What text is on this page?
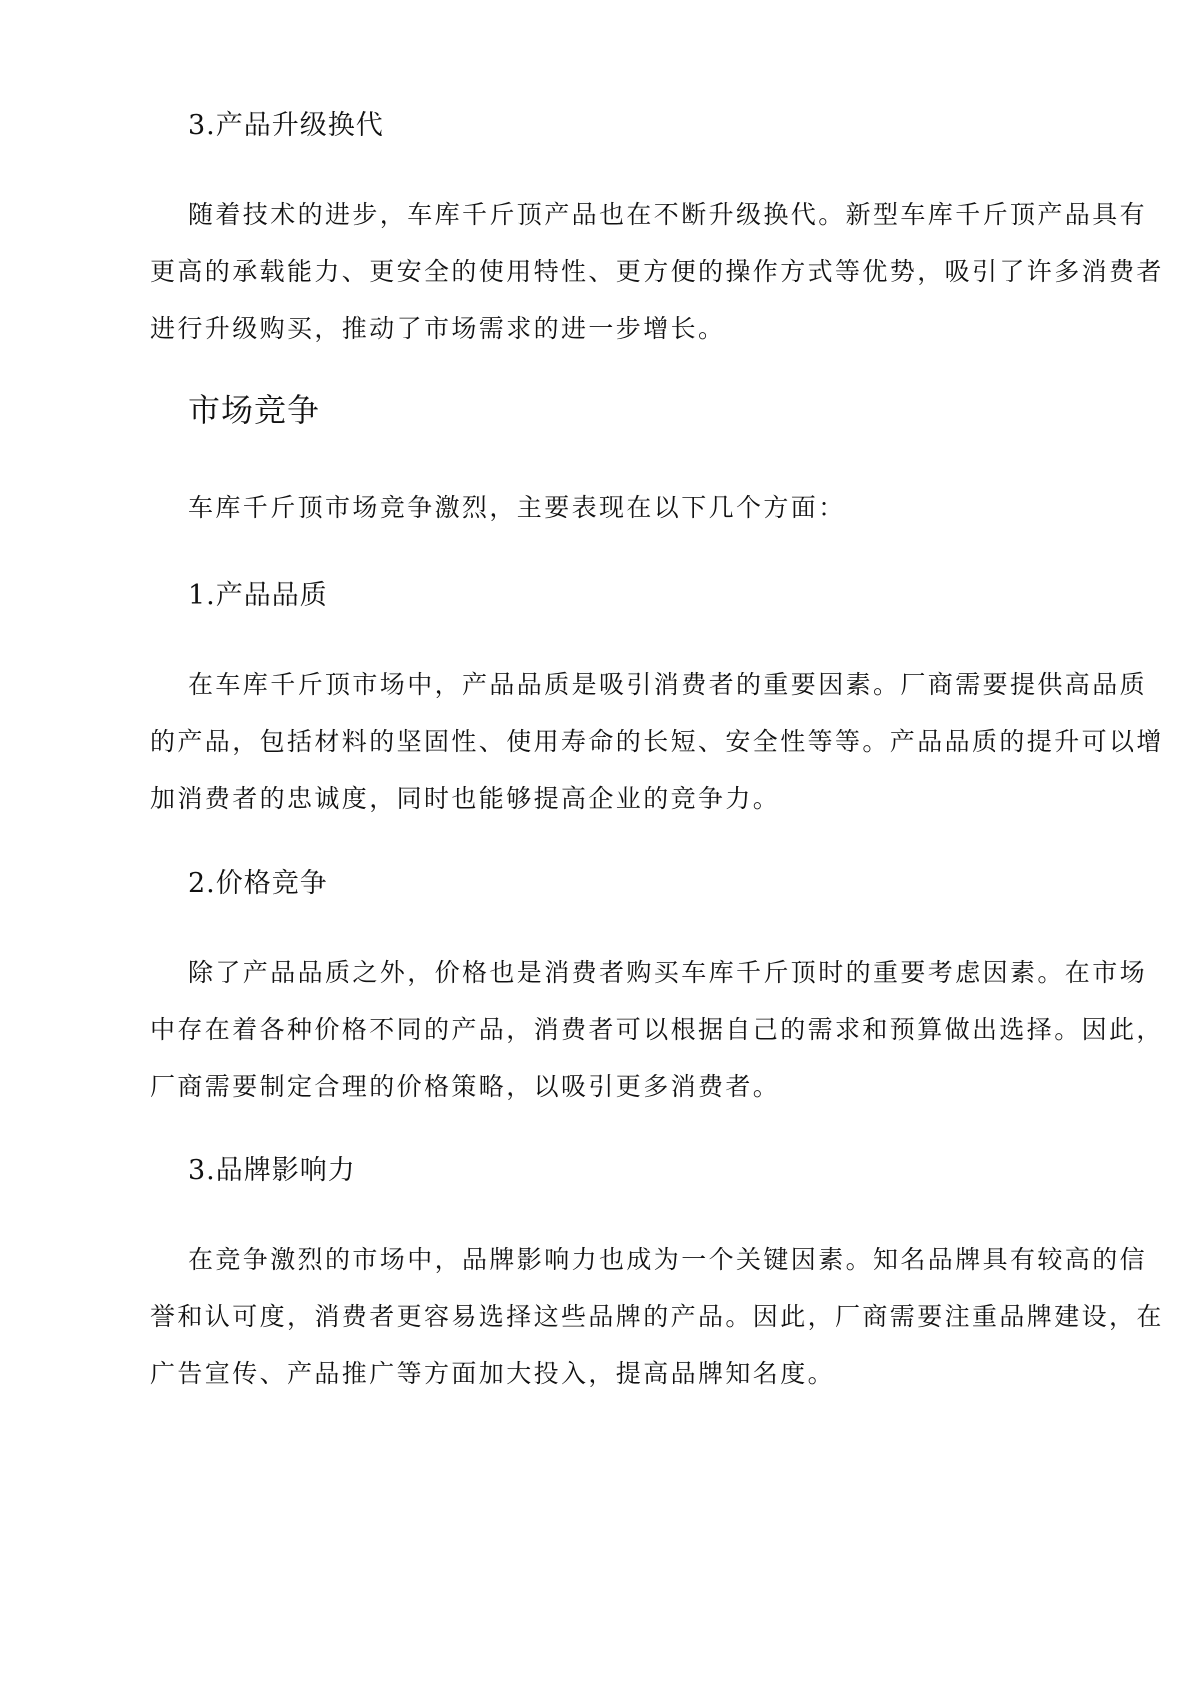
3.产品升级换代
随着技术的进步，车库千斤顶产品也在不断升级换代。新型车库千斤顶产品具有
更高的承载能力、更安全的使用特性、更方便的操作方式等优势，吸引了许多消费者
进行升级购买，推动了市场需求的进一步增长。
市场竞争
车库千斤顶市场竞争激烈，主要表现在以下几个方面：
1.产品品质
在车库千斤顶市场中，产品品质是吸引消费者的重要因素。厂商需要提供高品质
的产品，包括材料的坚固性、使用寿命的长短、安全性等等。产品品质的提升可以增
加消费者的忠诚度，同时也能够提高企业的竞争力。
2.价格竞争
除了产品品质之外，价格也是消费者购买车库千斤顶时的重要考虑因素。在市场
中存在着各种价格不同的产品，消费者可以根据自己的需求和预算做出选择。因此，
厂商需要制定合理的价格策略，以吸引更多消费者。
3.品牌影响力
在竞争激烈的市场中，品牌影响力也成为一个关键因素。知名品牌具有较高的信
誉和认可度，消费者更容易选择这些品牌的产品。因此，厂商需要注重品牌建设，在
广告宣传、产品推广等方面加大投入，提高品牌知名度。
